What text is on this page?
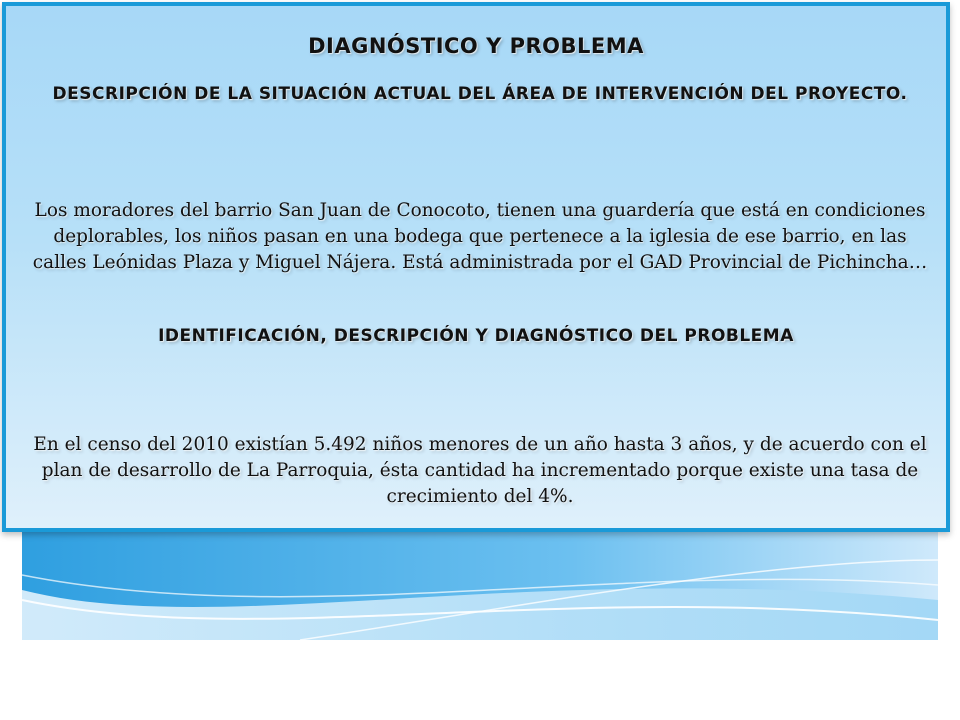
DIAGNÓSTICO Y PROBLEMA
DESCRIPCIÓN DE LA SITUACIÓN ACTUAL DEL ÁREA DE INTERVENCIÓN DEL PROYECTO.
Los moradores del barrio San Juan de Conocoto, tienen una guardería que está en condiciones deplorables, los niños pasan en una bodega que pertenece a la iglesia de ese barrio, en las calles Leónidas Plaza y Miguel Nájera. Está administrada por el GAD Provincial de Pichincha…
IDENTIFICACIÓN, DESCRIPCIÓN Y DIAGNÓSTICO DEL PROBLEMA
En el censo del 2010 existían 5.492 niños menores de un año hasta 3 años, y de acuerdo con el plan de desarrollo de La Parroquia, ésta cantidad ha incrementado porque existe una tasa de crecimiento del 4%.
